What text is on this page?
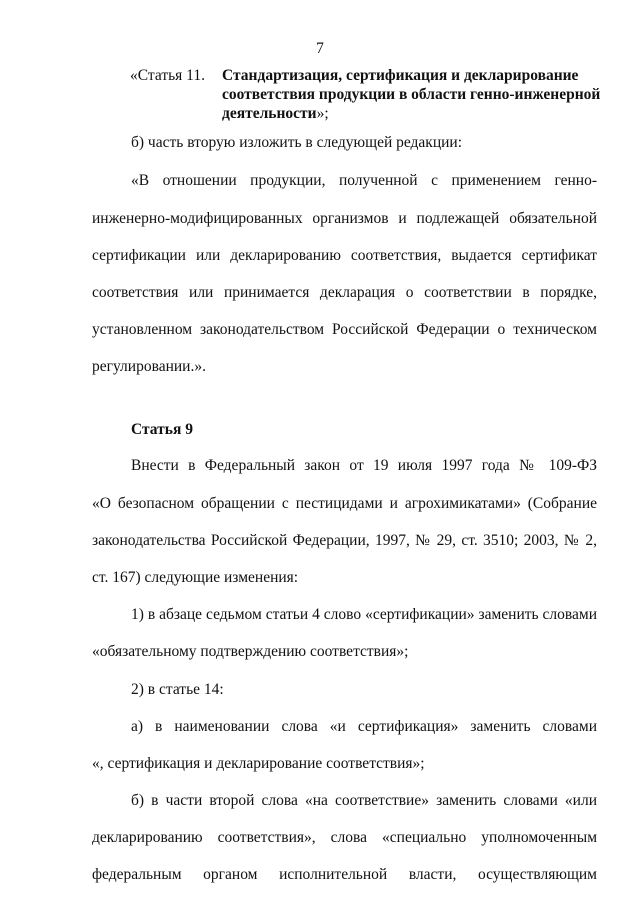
7
«Статья 11.	Стандартизация, сертификация и декларирование
соответствия продукции в области генно-инженерной
деятельности»;
б) часть вторую изложить в следующей редакции:
«В отношении продукции, полученной с применением генно-
инженерно-модифицированных организмов и подлежащей обязательной
сертификации или декларированию соответствия, выдается сертификат
соответствия или принимается декларация о соответствии в порядке,
установленном законодательством Российской Федерации о техническом
регулировании.».
Статья 9
Внести в Федеральный закон от 19 июля 1997 года № 109-ФЗ
«О безопасном обращении с пестицидами и агрохимикатами» (Собрание
законодательства Российской Федерации, 1997, № 29, ст. 3510; 2003, № 2,
ст. 167) следующие изменения:
1) в абзаце седьмом статьи 4 слово «сертификации» заменить словами
«обязательному подтверждению соответствия»;
2) в статье 14:
а) в наименовании слова «и сертификация» заменить словами
«, сертификация и декларирование соответствия»;
б) в части второй слова «на соответствие» заменить словами «или
декларированию соответствия», слова «специально уполномоченным
федеральным органом исполнительной власти, осуществляющим
